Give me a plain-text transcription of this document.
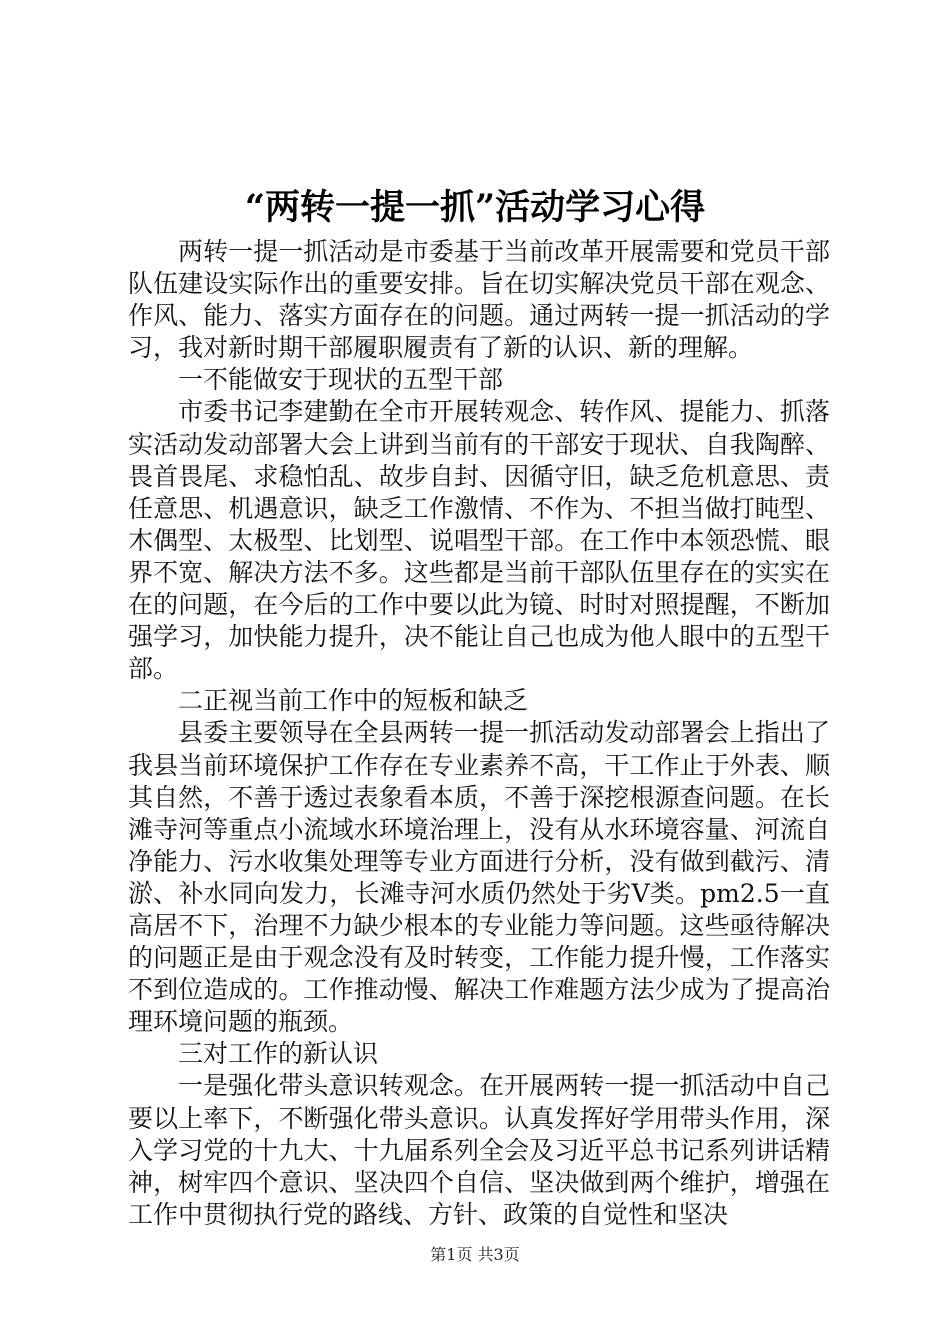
“两转一提一抓”活动学习心得

两转一提一抓活动是市委基于当前改革开展需要和党员干部队伍建设实际作出的重要安排。旨在切实解决党员干部在观念、作风、能力、落实方面存在的问题。通过两转一提一抓活动的学习，我对新时期干部履职履责有了新的认识、新的理解。

一不能做安于现状的五型干部

市委书记李建勤在全市开展转观念、转作风、提能力、抓落实活动发动部署大会上讲到当前有的干部安于现状、自我陶醉、畏首畏尾、求稳怕乱、故步自封、因循守旧，缺乏危机意思、责任意思、机遇意识，缺乏工作激情、不作为、不担当做打盹型、木偶型、太极型、比划型、说唱型干部。在工作中本领恐慌、眼界不宽、解决方法不多。这些都是当前干部队伍里存在的实实在在的问题，在今后的工作中要以此为镜、时时对照提醒，不断加强学习，加快能力提升，决不能让自己也成为他人眼中的五型干部。

二正视当前工作中的短板和缺乏

县委主要领导在全县两转一提一抓活动发动部署会上指出了我县当前环境保护工作存在专业素养不高，干工作止于外表、顺其自然，不善于透过表象看本质，不善于深挖根源查问题。在长滩寺河等重点小流域水环境治理上，没有从水环境容量、河流自净能力、污水收集处理等专业方面进行分析，没有做到截污、清淤、补水同向发力，长滩寺河水质仍然处于劣Ⅴ类。pm2.5一直高居不下，治理不力缺少根本的专业能力等问题。这些亟待解决的问题正是由于观念没有及时转变，工作能力提升慢，工作落实不到位造成的。工作推动慢、解决工作难题方法少成为了提高治理环境问题的瓶颈。

三对工作的新认识

一是强化带头意识转观念。在开展两转一提一抓活动中自己要以上率下，不断强化带头意识。认真发挥好学用带头作用，深入学习党的十九大、十九届系列全会及习近平总书记系列讲话精神，树牢四个意识、坚决四个自信、坚决做到两个维护，增强在工作中贯彻执行党的路线、方针、政策的自觉性和坚决

第1页 共3页
